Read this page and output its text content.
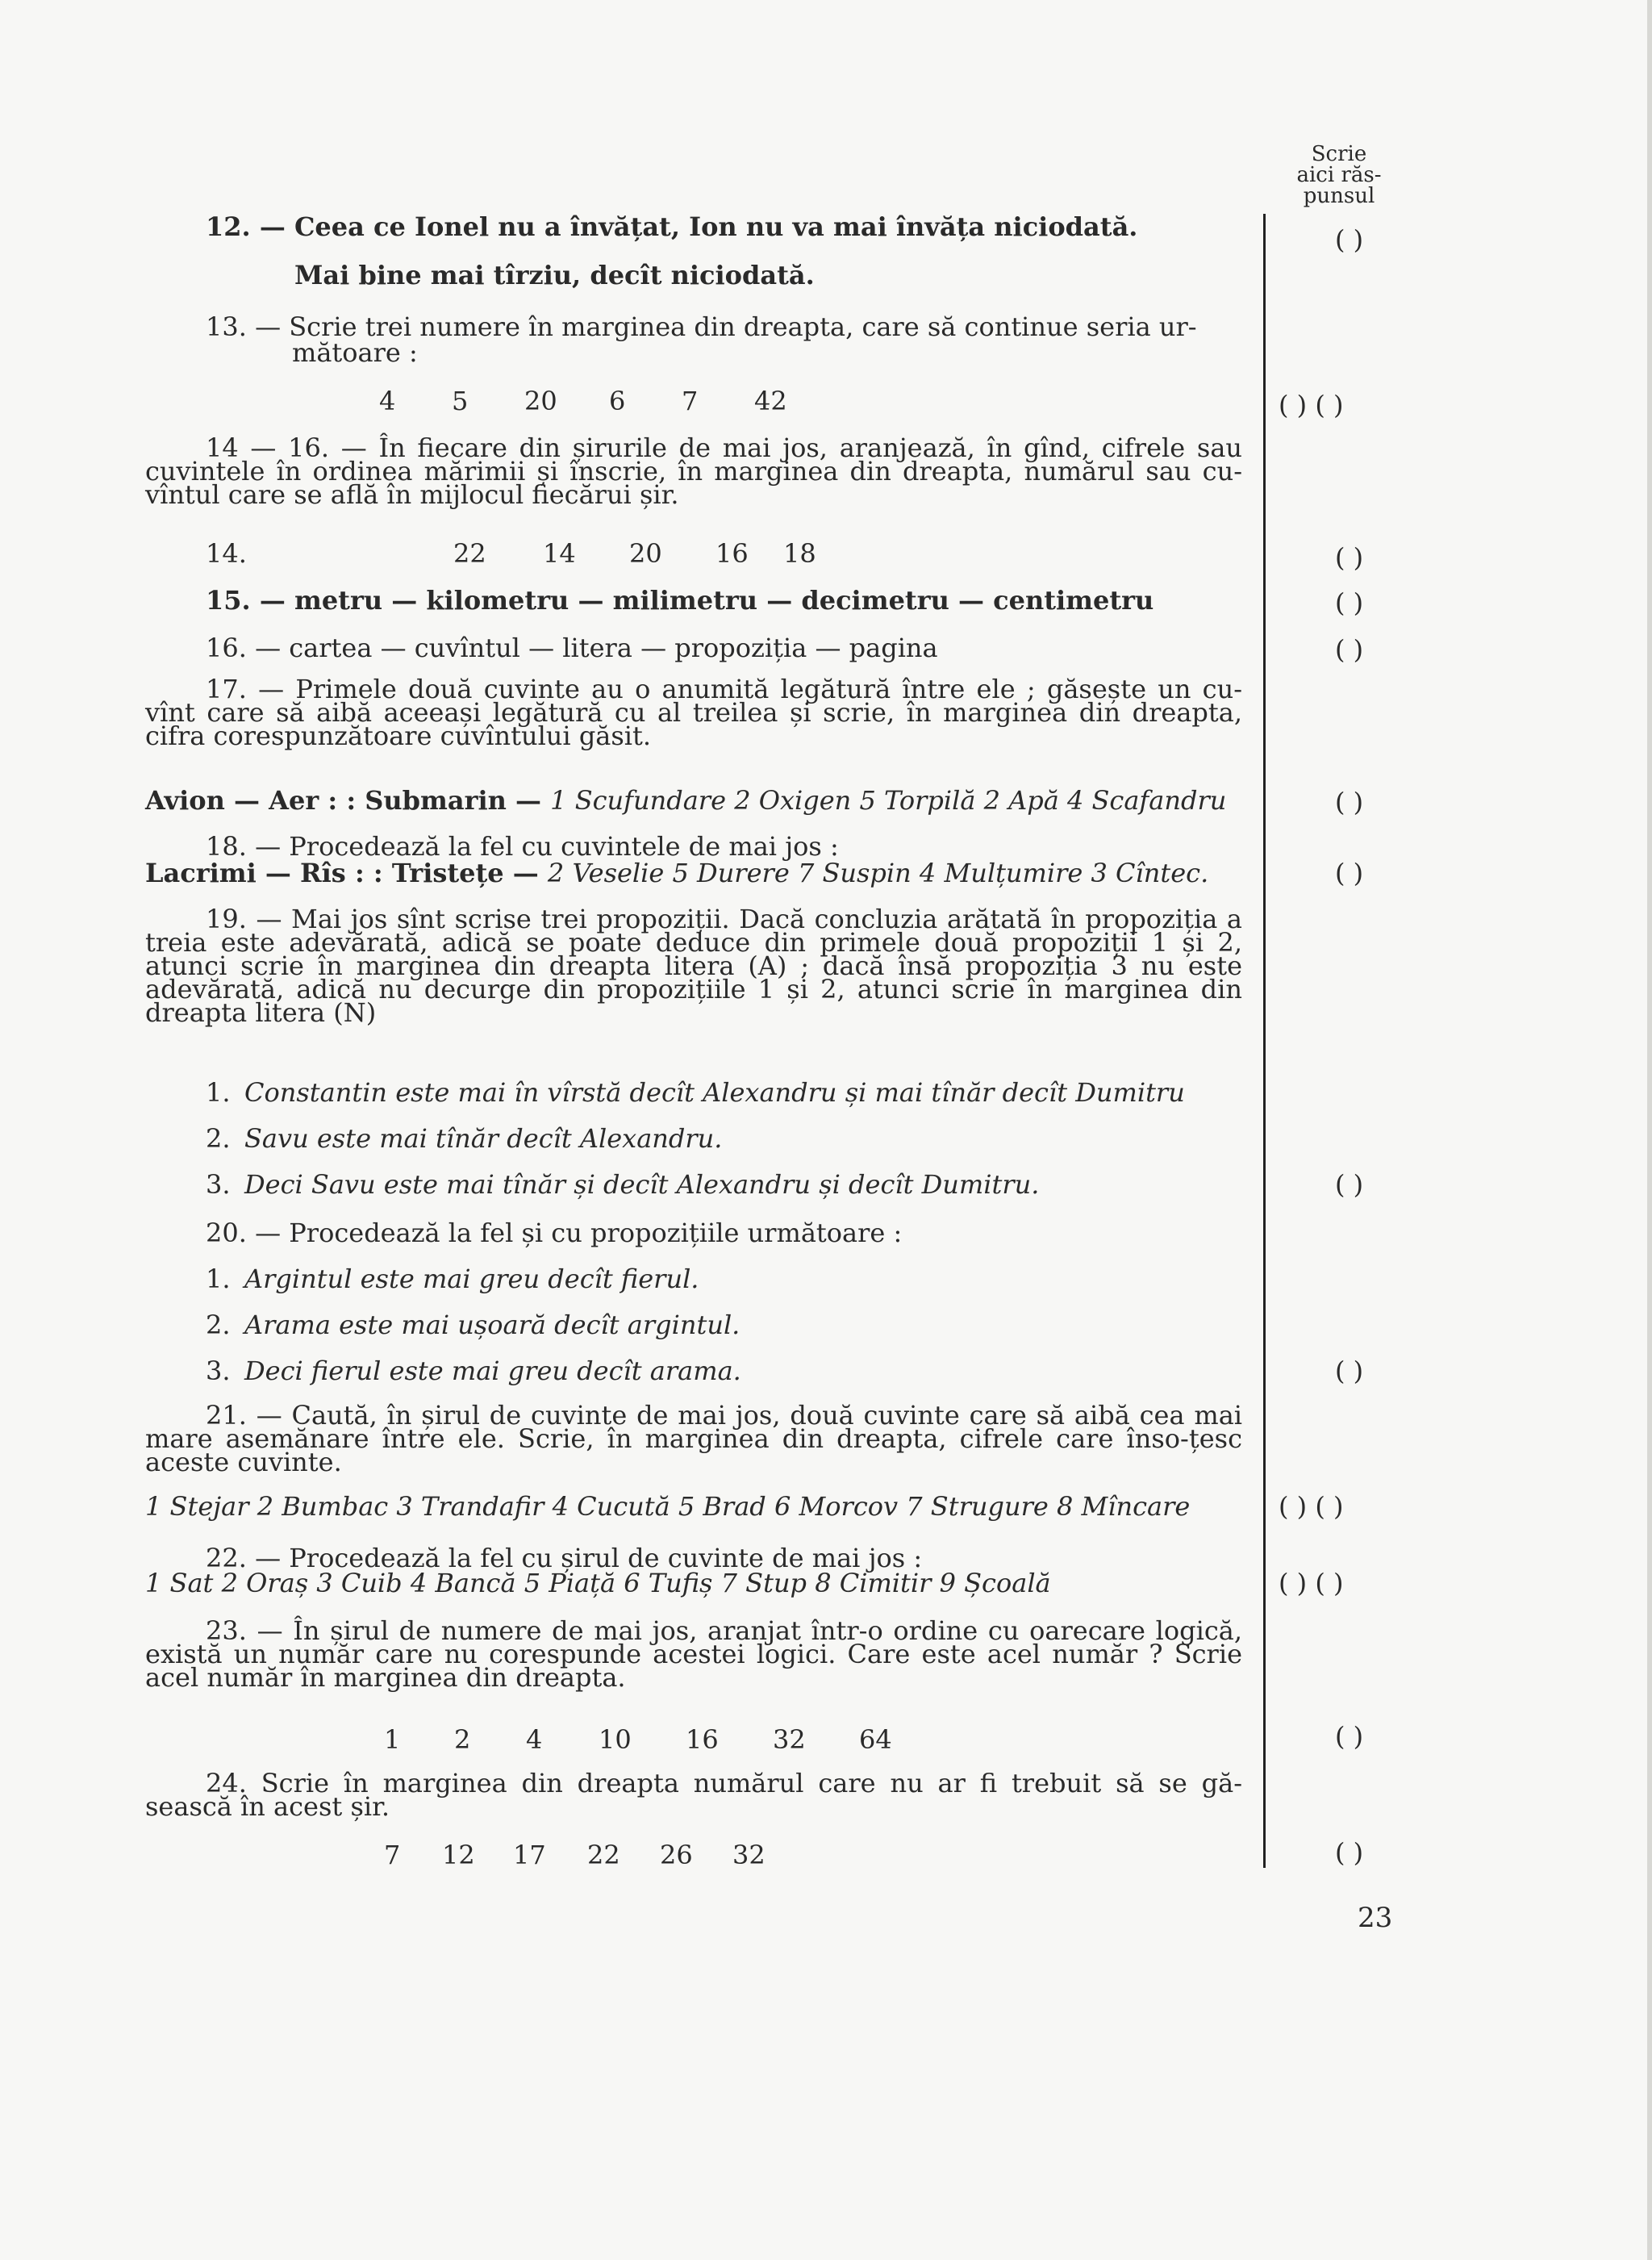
Scrie
aici răs-
punsul
12. — Ceea ce Ionel nu a învățat, Ion nu va mai învăța niciodată.
Mai bine mai tîrziu, decît niciodată.
( )
13. — Scrie trei numere în marginea din dreapta, care să continue seria ur-
mătoare :
4 5 20 6 7 42	( ) ( )
14 — 16. — În fiecare din șirurile de mai jos, aranjează, în gînd, cifrele sau cuvintele în ordinea mărimii și înscrie, în marginea din dreapta, numărul sau cu-vîntul care se află în mijlocul fiecărui șir.
14.	22 14 20 16 18	( )
15. — metru — kilometru — milimetru — decimetru — centimetru	( )
16. — cartea — cuvîntul — litera — propoziția — pagina	( )
17. — Primele două cuvinte au o anumită legătură între ele ; găsește un cu-vînt care să aibă aceeași legătură cu al treilea și scrie, în marginea din dreapta, cifra corespunzătoare cuvîntului găsit.
Avion — Aer : : Submarin — 1 Scufundare 2 Oxigen 5 Torpilă 2 Apă 4 Scafandru	( )
18. — Procedează la fel cu cuvintele de mai jos :
Lacrimi — Rîs : : Tristețe — 2 Veselie 5 Durere 7 Suspin 4 Mulțumire 3 Cîntec.	( )
19. — Mai jos sînt scrise trei propoziții. Dacă concluzia arătată în propoziția a treia este adevărată, adică se poate deduce din primele două propoziții 1 și 2, atunci scrie în marginea din dreapta litera (A) ; dacă însă propoziția 3 nu este adevărată, adică nu decurge din propozițiile 1 și 2, atunci scrie în marginea din dreapta litera (N)
1. Constantin este mai în vîrstă decît Alexandru și mai tînăr decît Dumitru
2. Savu este mai tînăr decît Alexandru.
3. Deci Savu este mai tînăr și decît Alexandru și decît Dumitru.	( )
20. — Procedează la fel și cu propozițiile următoare :
1. Argintul este mai greu decît fierul.
2. Arama este mai ușoară decît argintul.
3. Deci fierul este mai greu decît arama.	( )
21. — Caută, în șirul de cuvinte de mai jos, două cuvinte care să aibă cea mai mare asemănare între ele. Scrie, în marginea din dreapta, cifrele care înso-țesc aceste cuvinte.
1 Stejar 2 Bumbac 3 Trandafir 4 Cucută 5 Brad 6 Morcov 7 Strugure 8 Mîncare	( ) ( )
22. — Procedează la fel cu șirul de cuvinte de mai jos :
1 Sat 2 Oraș 3 Cuib 4 Bancă 5 Piață 6 Tufiș 7 Stup 8 Cimitir 9 Școală	( ) ( )
23. — În șirul de numere de mai jos, aranjat într-o ordine cu oarecare logică, există un număr care nu corespunde acestei logici. Care este acel număr ? Scrie acel număr în marginea din dreapta.
1 2 4 10 16 32 64	( )
24. Scrie în marginea din dreapta numărul care nu ar fi trebuit să se gă-sească în acest șir.
7 12 17 22 26 32	( )
23
